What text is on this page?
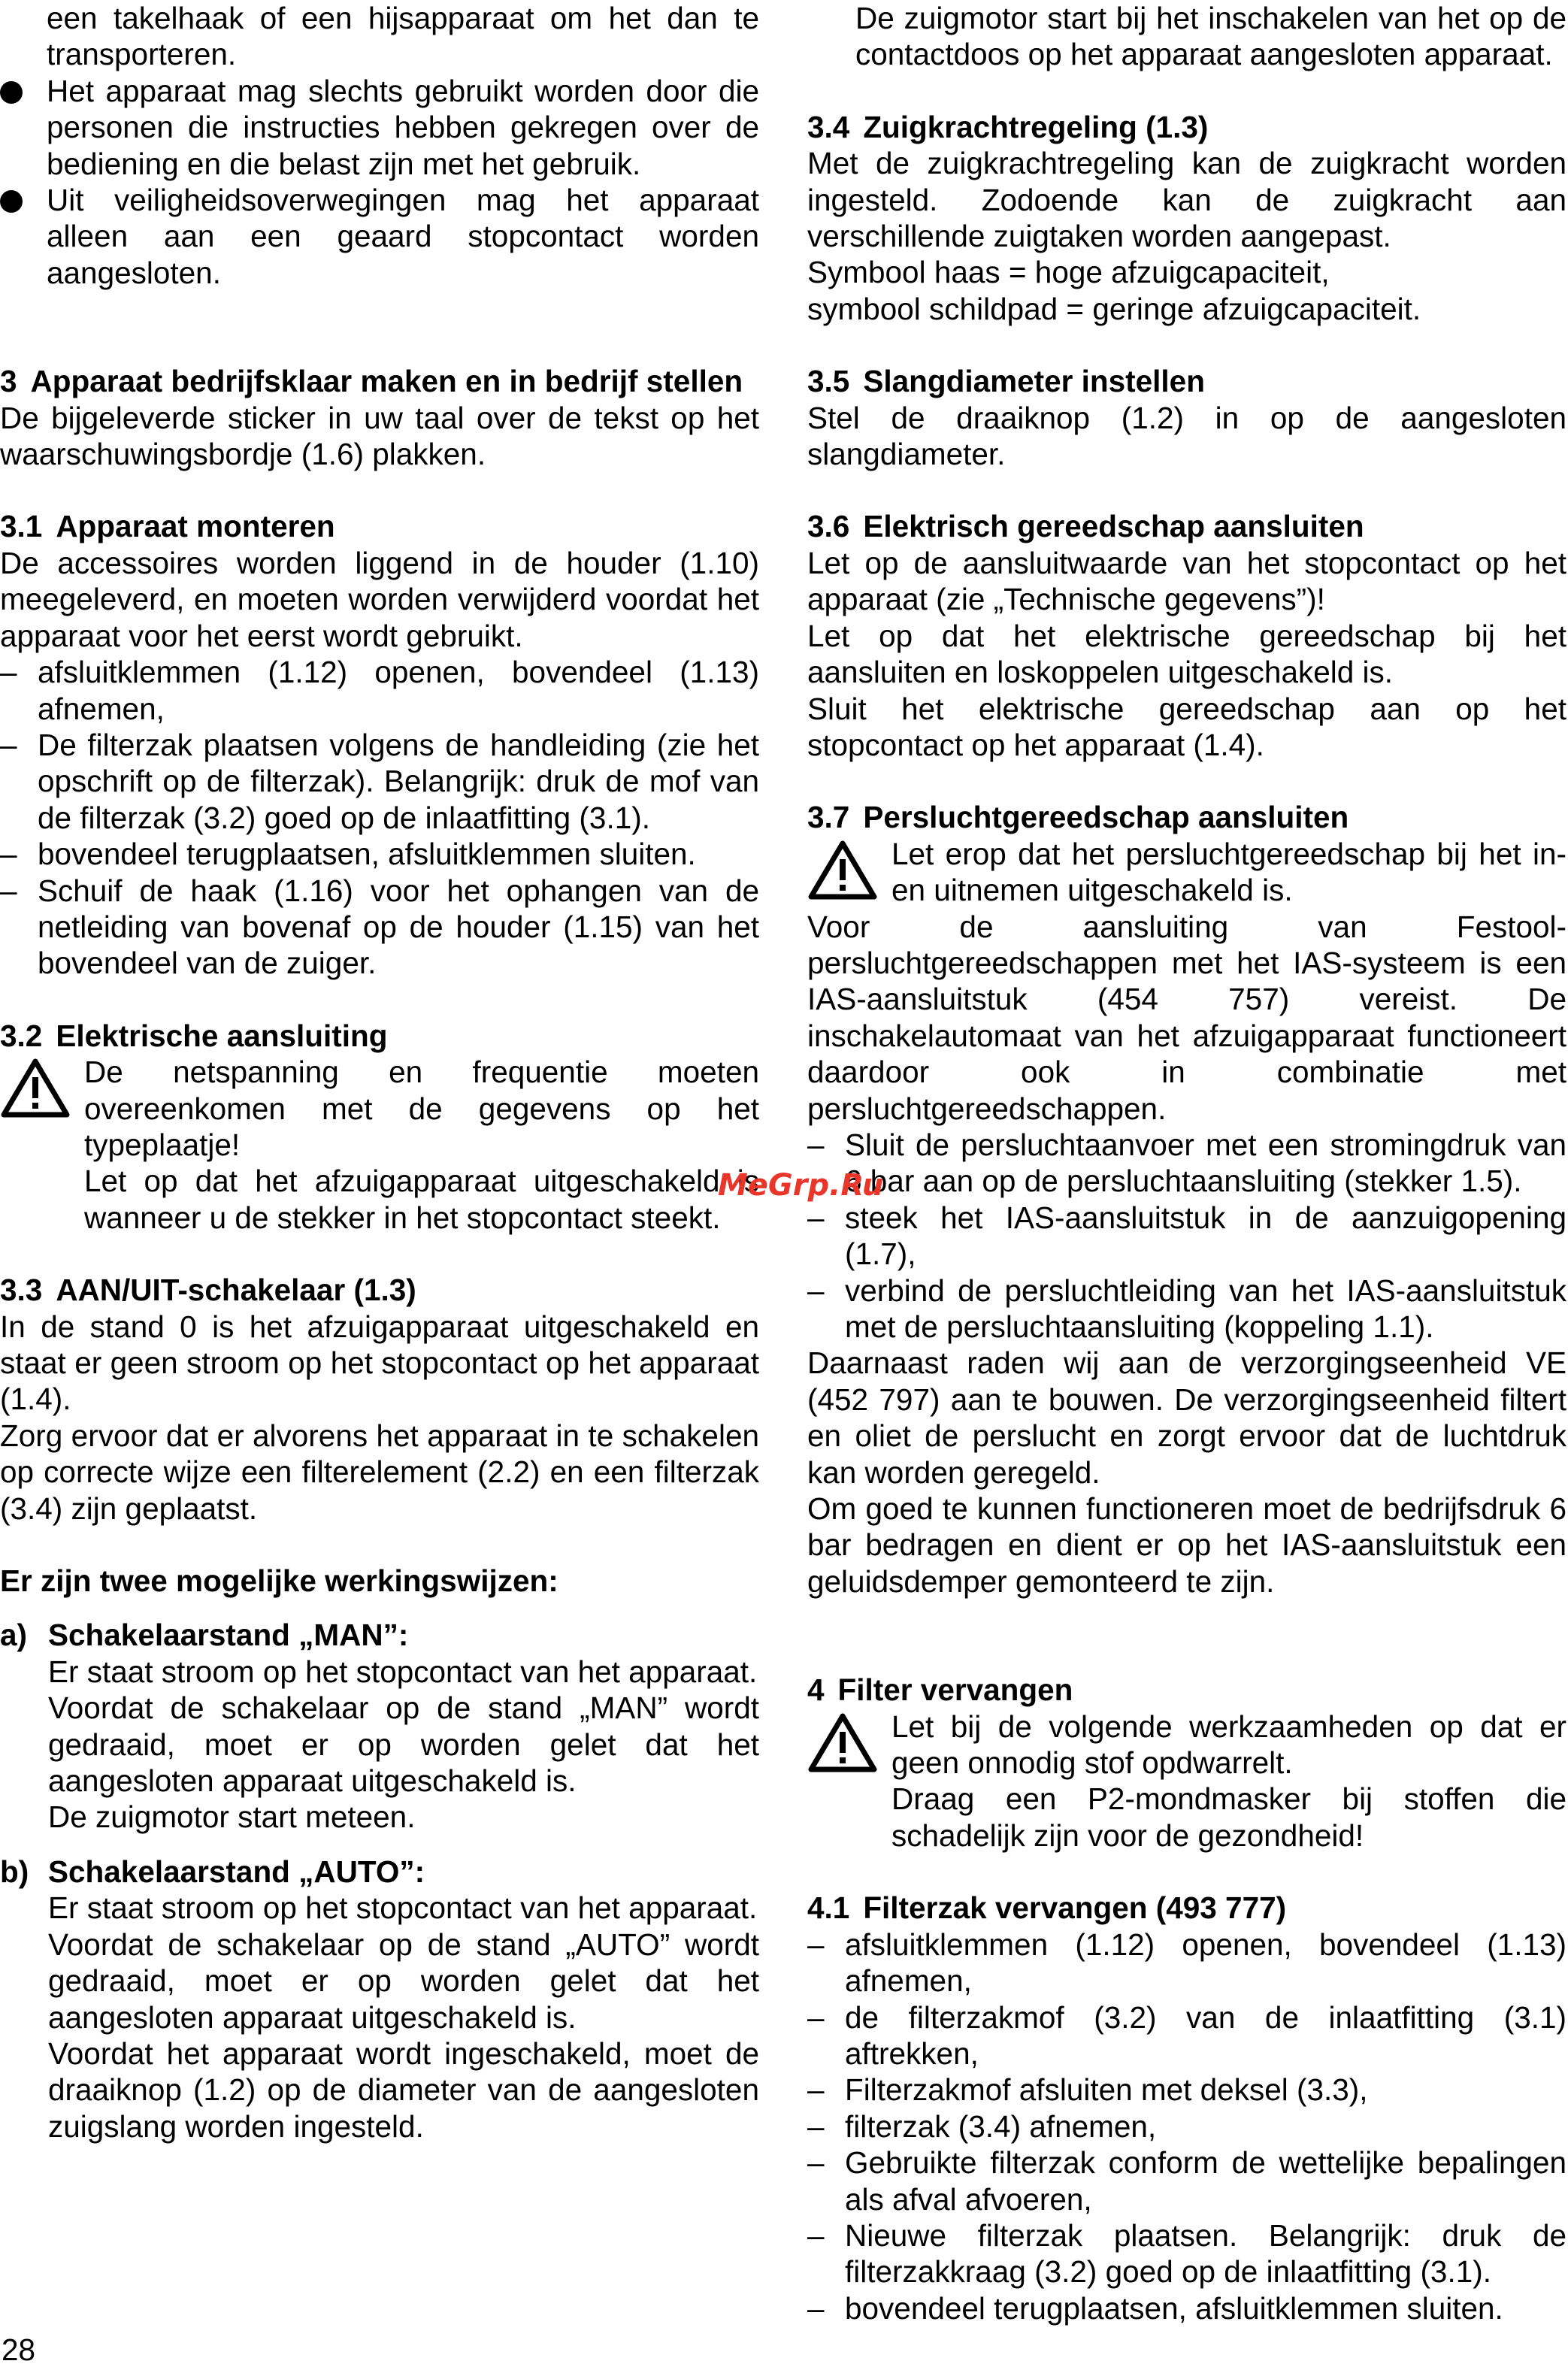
een takelhaak of een hijsapparaat om het dan te transporteren.

Het apparaat mag slechts gebruikt worden door die personen die instructies hebben gekregen over de bediening en die belast zijn met het gebruik.

Uit veiligheidsoverwegingen mag het apparaat alleen aan een geaard stopcontact worden aangesloten.

3 Apparaat bedrijfsklaar maken en in bedrijf stellen

De bijgeleverde sticker in uw taal over de tekst op het waarschuwingsbordje (1.6) plakken.

3.1 Apparaat monteren

De accessoires worden liggend in de houder (1.10) meegeleverd, en moeten worden verwijderd voordat het apparaat voor het eerst wordt gebruikt.

– afsluitklemmen (1.12) openen, bovendeel (1.13) afnemen,

– De filterzak plaatsen volgens de handleiding (zie het opschrift op de filterzak). Belangrijk: druk de mof van de filterzak (3.2) goed op de inlaatfitting (3.1).

– bovendeel terugplaatsen, afsluitklemmen sluiten.

– Schuif de haak (1.16) voor het ophangen van de netleiding van bovenaf op de houder (1.15) van het bovendeel van de zuiger.

3.2 Elektrische aansluiting

De netspanning en frequentie moeten overeenkomen met de gegevens op het typeplaatje!

Let op dat het afzuigapparaat uitgeschakeld is wanneer u de stekker in het stopcontact steekt.

3.3 AAN/UIT-schakelaar (1.3)

In de stand 0 is het afzuigapparaat uitgeschakeld en staat er geen stroom op het stopcontact op het apparaat (1.4).

Zorg ervoor dat er alvorens het apparaat in te schakelen op correcte wijze een filterelement (2.2) en een filterzak (3.4) zijn geplaatst.

Er zijn twee mogelijke werkingswijzen:

a) Schakelaarstand „MAN”:

Er staat stroom op het stopcontact van het apparaat.

Voordat de schakelaar op de stand „MAN” wordt gedraaid, moet er op worden gelet dat het aangesloten apparaat uitgeschakeld is.

De zuigmotor start meteen.

b) Schakelaarstand „AUTO”:

Er staat stroom op het stopcontact van het apparaat.

Voordat de schakelaar op de stand „AUTO” wordt gedraaid, moet er op worden gelet dat het aangesloten apparaat uitgeschakeld is.

Voordat het apparaat wordt ingeschakeld, moet de draaiknop (1.2) op de diameter van de aangesloten zuigslang worden ingesteld.

De zuigmotor start bij het inschakelen van het op de contactdoos op het apparaat aangesloten apparaat.

3.4 Zuigkrachtregeling (1.3)

Met de zuigkrachtregeling kan de zuigkracht worden ingesteld. Zodoende kan de zuigkracht aan verschillende zuigtaken worden aangepast.

Symbool haas = hoge afzuigcapaciteit,

symbool schildpad = geringe afzuigcapaciteit.

3.5 Slangdiameter instellen

Stel de draaiknop (1.2) in op de aangesloten slangdiameter.

3.6 Elektrisch gereedschap aansluiten

Let op de aansluitwaarde van het stopcontact op het apparaat (zie „Technische gegevens”)!

Let op dat het elektrische gereedschap bij het aansluiten en loskoppelen uitgeschakeld is.

Sluit het elektrische gereedschap aan op het stopcontact op het apparaat (1.4).

3.7 Persluchtgereedschap aansluiten

Let erop dat het persluchtgereedschap bij het in- en uitnemen uitgeschakeld is.

Voor de aansluiting van Festool-persluchtgereedschappen met het IAS-systeem is een IAS-aansluitstuk (454 757) vereist. De inschakelautomaat van het afzuigapparaat functioneert daardoor ook in combinatie met persluchtgereedschappen.

– Sluit de persluchtaanvoer met een stromingdruk van 6 bar aan op de persluchtaansluiting (stekker 1.5).

– steek het IAS-aansluitstuk in de aanzuigopening (1.7),

– verbind de persluchtleiding van het IAS-aansluitstuk met de persluchtaansluiting (koppeling 1.1).

Daarnaast raden wij aan de verzorgingseenheid VE (452 797) aan te bouwen. De verzorgingseenheid filtert en oliet de perslucht en zorgt ervoor dat de luchtdruk kan worden geregeld.

Om goed te kunnen functioneren moet de bedrijfsdruk 6 bar bedragen en dient er op het IAS-aansluitstuk een geluidsdemper gemonteerd te zijn.

4 Filter vervangen

Let bij de volgende werkzaamheden op dat er geen onnodig stof opdwarrelt.

Draag een P2-mondmasker bij stoffen die schadelijk zijn voor de gezondheid!

4.1 Filterzak vervangen (493 777)

– afsluitklemmen (1.12) openen, bovendeel (1.13) afnemen,

– de filterzakmof (3.2) van de inlaatfitting (3.1) aftrekken,

– Filterzakmof afsluiten met deksel (3.3),

– filterzak (3.4) afnemen,

– Gebruikte filterzak conform de wettelijke bepalingen als afval afvoeren,

– Nieuwe filterzak plaatsen. Belangrijk: druk de filterzakkraag (3.2) goed op de inlaatfitting (3.1).

– bovendeel terugplaatsen, afsluitklemmen sluiten.

MeGrp.Ru
28
